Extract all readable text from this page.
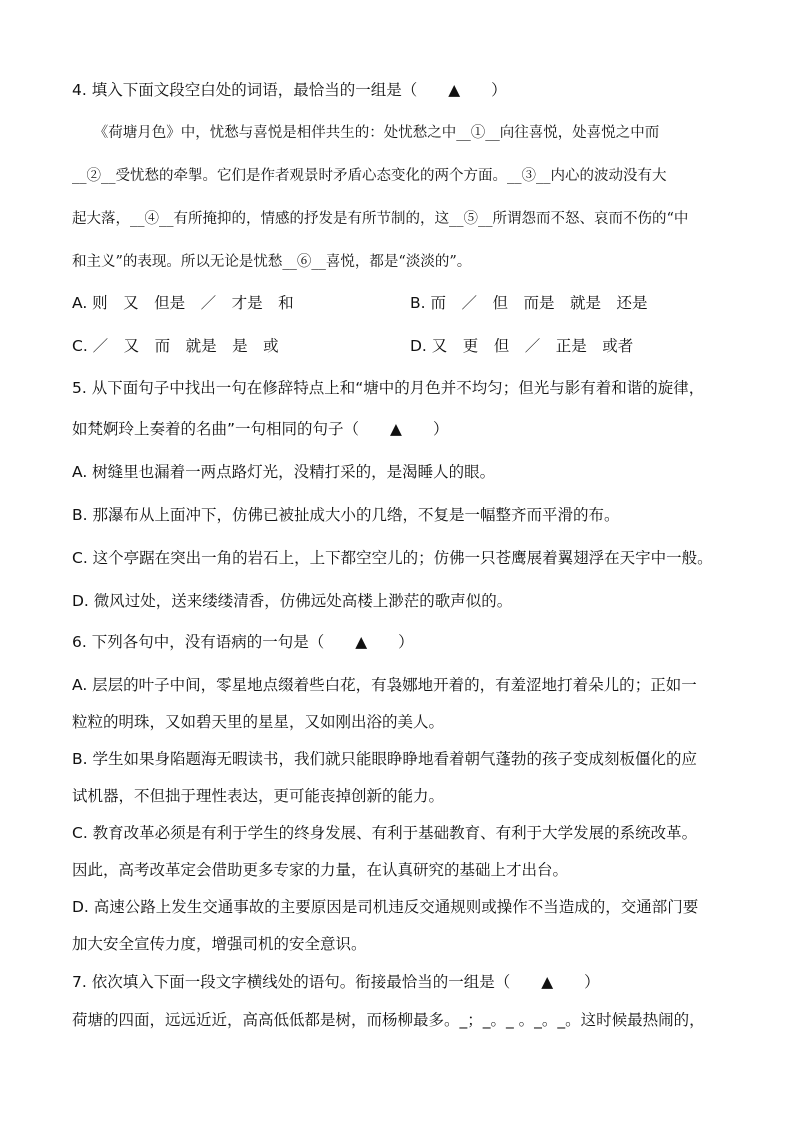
4. 填入下面文段空白处的词语，最恰当的一组是（　　▲　　）
　　《荷塘月色》中，忧愁与喜悦是相伴共生的：处忧愁之中__①__向往喜悦，处喜悦之中而
__②__受忧愁的牵掣。它们是作者观景时矛盾心态变化的两个方面。__③__内心的波动没有大
起大落，__④__有所掩抑的，情感的抒发是有所节制的，这__⑤__所谓怨而不怒、哀而不伤的“中
和主义”的表现。所以无论是忧愁__⑥__喜悦，都是“淡淡的”。
A. 则　又　但是　／　才是　和	B. 而　／　但　而是　就是　还是
C. ／　又　而　就是　是　或	D. 又　更　但　／　正是　或者
5. 从下面句子中找出一句在修辞特点上和“塘中的月色并不均匀；但光与影有着和谐的旋律，
如梵婀玲上奏着的名曲”一句相同的句子（　　▲　　）
A. 树缝里也漏着一两点路灯光，没精打采的，是渴睡人的眼。
B. 那瀑布从上面冲下，仿佛已被扯成大小的几绺，不复是一幅整齐而平滑的布。
C. 这个亭踞在突出一角的岩石上，上下都空空儿的；仿佛一只苍鹰展着翼翅浮在天宇中一般。
D. 微风过处，送来缕缕清香，仿佛远处高楼上渺茫的歌声似的。
6. 下列各句中，没有语病的一句是（　　▲　　）
A. 层层的叶子中间，零星地点缀着些白花，有袅娜地开着的，有羞涩地打着朵儿的；正如一
粒粒的明珠，又如碧天里的星星，又如刚出浴的美人。
B. 学生如果身陷题海无暇读书，我们就只能眼睁睁地看着朝气蓬勃的孩子变成刻板僵化的应
试机器，不但拙于理性表达，更可能丧掉创新的能力。
C. 教育改革必须是有利于学生的终身发展、有利于基础教育、有利于大学发展的系统改革。
因此，高考改革定会借助更多专家的力量，在认真研究的基础上才出台。
D. 高速公路上发生交通事故的主要原因是司机违反交通规则或操作不当造成的，交通部门要
加大安全宣传力度，增强司机的安全意识。
7. 依次填入下面一段文字横线处的语句。衔接最恰当的一组是（　　▲　　）
荷塘的四面，远远近近，高高低低都是树，而杨柳最多。_；_。_ 。_。_。这时候最热闹的，
